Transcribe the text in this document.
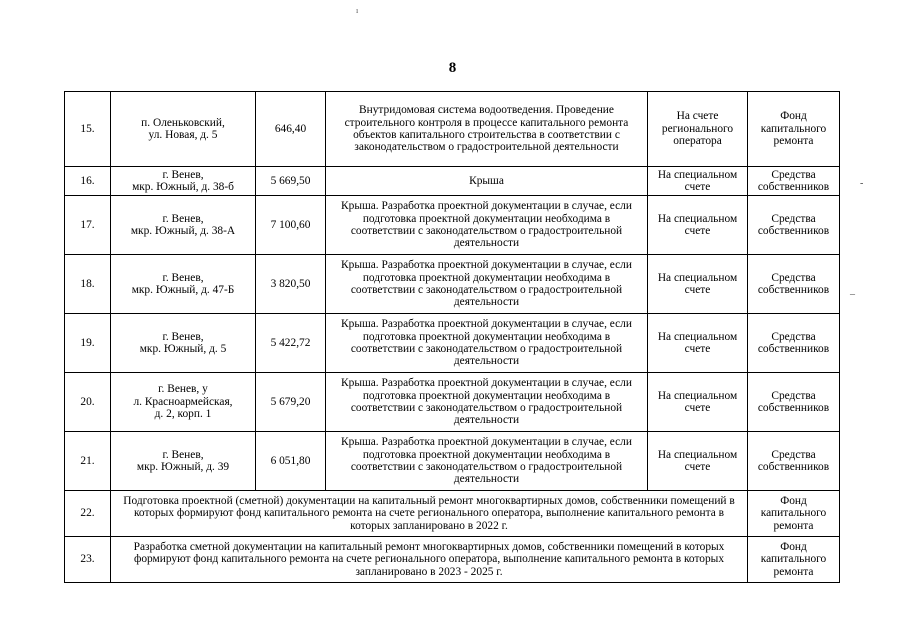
ı
8
-
–
15.	п. Оленьковский,
ул. Новая, д. 5	646,40	Внутридомовая система водоотведения. Проведение строительного контроля в процессе капитального ремонта объектов капитального строительства в соответствии с законодательством о градостроительной деятельности	На счете регионального оператора	Фонд капитального ремонта
16.	г. Венев,
мкр. Южный, д. 38-б	5 669,50	Крыша	На специальном счете	Средства собственников
17.	г. Венев,
мкр. Южный, д. 38-А	7 100,60	Крыша. Разработка проектной документации в случае, если подготовка проектной документации необходима в соответствии с законодательством о градостроительной деятельности	На специальном счете	Средства собственников
18.	г. Венев,
мкр. Южный, д. 47-Б	3 820,50	Крыша. Разработка проектной документации в случае, если подготовка проектной документации необходима в соответствии с законодательством о градостроительной деятельности	На специальном счете	Средства собственников
19.	г. Венев,
мкр. Южный, д. 5	5 422,72	Крыша. Разработка проектной документации в случае, если подготовка проектной документации необходима в соответствии с законодательством о градостроительной деятельности	На специальном счете	Средства собственников
20.	г. Венев, у
л. Красноармейская,
д. 2, корп. 1	5 679,20	Крыша. Разработка проектной документации в случае, если подготовка проектной документации необходима в соответствии с законодательством о градостроительной деятельности	На специальном счете	Средства собственников
21.	г. Венев,
мкр. Южный, д. 39	6 051,80	Крыша. Разработка проектной документации в случае, если подготовка проектной документации необходима в соответствии с законодательством о градостроительной деятельности	На специальном счете	Средства собственников
22.	Подготовка проектной (сметной) документации на капитальный ремонт многоквартирных домов, собственники помещений в которых формируют фонд капитального ремонта на счете регионального оператора, выполнение капитального ремонта в которых запланировано в 2022 г.				Фонд капитального ремонта
23.	Разработка сметной документации на капитальный ремонт многоквартирных домов, собственники помещений в которых формируют фонд капитального ремонта на счете регионального оператора, выполнение капитального ремонта в которых запланировано в 2023 - 2025 г.				Фонд капитального ремонта
